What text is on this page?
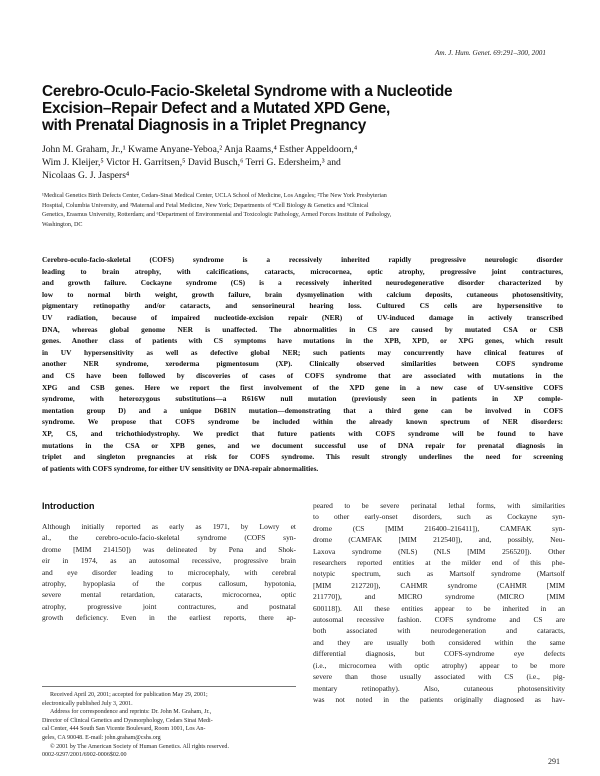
Am. J. Hum. Genet. 69:291–300, 2001
Cerebro-Oculo-Facio-Skeletal Syndrome with a Nucleotide
Excision–Repair Defect and a Mutated XPD Gene,
with Prenatal Diagnosis in a Triplet Pregnancy
John M. Graham, Jr.,¹ Kwame Anyane-Yeboa,² Anja Raams,⁴ Esther Appeldoorn,⁴
Wim J. Kleijer,⁵ Victor H. Garritsen,⁵ David Busch,⁶ Terri G. Edersheim,³ and
Nicolaas G. J. Jaspers⁴
¹Medical Genetics Birth Defects Center, Cedars-Sinai Medical Center, UCLA School of Medicine, Los Angeles; ²The New York Presbyterian
Hospital, Columbia University, and ³Maternal and Fetal Medicine, New York; Departments of ⁴Cell Biology & Genetics and ⁵Clinical
Genetics, Erasmus University, Rotterdam; and ⁶Department of Environmental and Toxicologic Pathology, Armed Forces Institute of Pathology,
Washington, DC
Cerebro-oculo-facio-skeletal (COFS) syndrome is a recessively inherited rapidly progressive neurologic disorder
leading to brain atrophy, with calcifications, cataracts, microcornea, optic atrophy, progressive joint contractures,
and growth failure. Cockayne syndrome (CS) is a recessively inherited neurodegenerative disorder characterized by
low to normal birth weight, growth failure, brain dysmyelination with calcium deposits, cutaneous photosensitivity,
pigmentary retinopathy and/or cataracts, and sensorineural hearing loss. Cultured CS cells are hypersensitive to
UV radiation, because of impaired nucleotide-excision repair (NER) of UV-induced damage in actively transcribed
DNA, whereas global genome NER is unaffected. The abnormalities in CS are caused by mutated CSA or CSB
genes. Another class of patients with CS symptoms have mutations in the XPB, XPD, or XPG genes, which result
in UV hypersensitivity as well as defective global NER; such patients may concurrently have clinical features of
another NER syndrome, xeroderma pigmentosum (XP). Clinically observed similarities between COFS syndrome
and CS have been followed by discoveries of cases of COFS syndrome that are associated with mutations in the
XPG and CSB genes. Here we report the first involvement of the XPD gene in a new case of UV-sensitive COFS
syndrome, with heterozygous substitutions—a R616W null mutation (previously seen in patients in XP comple-
mentation group D) and a unique D681N mutation—demonstrating that a third gene can be involved in COFS
syndrome. We propose that COFS syndrome be included within the already known spectrum of NER disorders:
XP, CS, and trichothiodystrophy. We predict that future patients with COFS syndrome will be found to have
mutations in the CSA or XPB genes, and we document successful use of DNA repair for prenatal diagnosis in
triplet and singleton pregnancies at risk for COFS syndrome. This result strongly underlines the need for screening
of patients with COFS syndrome, for either UV sensitivity or DNA-repair abnormalities.
Introduction
Although initially reported as early as 1971, by Lowry et
al., the cerebro-oculo-facio-skeletal syndrome (COFS syn-
drome [MIM 214150]) was delineated by Pena and Shok-
eir in 1974, as an autosomal recessive, progressive brain
and eye disorder leading to microcephaly, with cerebral
atrophy, hypoplasia of the corpus callosum, hypotonia,
severe mental retardation, cataracts, microcornea, optic
atrophy, progressive joint contractures, and postnatal
growth deficiency. Even in the earliest reports, there ap-
Received April 20, 2001; accepted for publication May 29, 2001;
electronically published July 3, 2001.
Address for correspondence and reprints: Dr. John M. Graham, Jr.,
Director of Clinical Genetics and Dysmorphology, Cedars Sinai Medi-
cal Center, 444 South San Vicente Boulevard, Room 1001, Los An-
geles, CA 90048. E-mail: john.graham@cshs.org
© 2001 by The American Society of Human Genetics. All rights reserved.
0002-9297/2001/6902-0006$02.00
peared to be severe perinatal lethal forms, with similarities
to other early-onset disorders, such as Cockayne syn-
drome (CS [MIM 216400–216411]), CAMFAK syn-
drome (CAMFAK [MIM 212540]), and, possibly, Neu-
Laxova syndrome (NLS) (NLS [MIM 256520]). Other
researchers reported entities at the milder end of this phe-
notypic spectrum, such as Martsolf syndrome (Martsolf
[MIM 212720]), CAHMR syndrome (CAHMR [MIM
211770]), and MICRO syndrome (MICRO [MIM
600118]). All these entities appear to be inherited in an
autosomal recessive fashion. COFS syndrome and CS are
both associated with neurodegeneration and cataracts,
and they are usually both considered within the same
differential diagnosis, but COFS-syndrome eye defects
(i.e., microcornea with optic atrophy) appear to be more
severe than those usually associated with CS (i.e., pig-
mentary retinopathy). Also, cutaneous photosensitivity
was not noted in the patients originally diagnosed as hav-
291
